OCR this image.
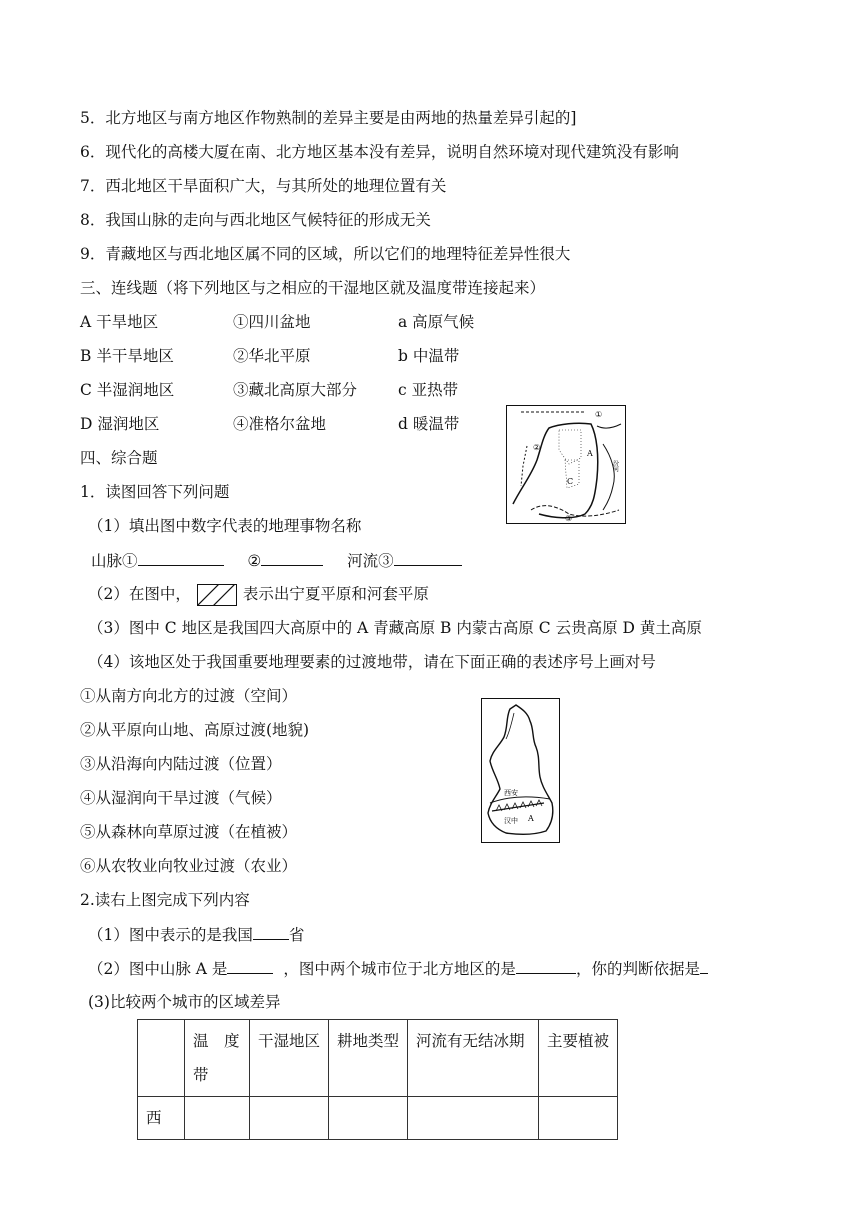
5．北方地区与南方地区作物熟制的差异主要是由两地的热量差异引起的]
6．现代化的高楼大厦在南、北方地区基本没有差异，说明自然环境对现代建筑没有影响
7．西北地区干旱面积广大，与其所处的地理位置有关
8．我国山脉的走向与西北地区气候特征的形成无关
9．青藏地区与西北地区属不同的区域，所以它们的地理特征差异性很大
三、连线题（将下列地区与之相应的干湿地区就及温度带连接起来）
A 干旱地区	①四川盆地	a 高原气候
B 半干旱地区	②华北平原	b 中温带
C 半湿润地区	③藏北高原大部分	c 亚热带
D 湿润地区	④准格尔盆地	d 暖温带
①
②
③
A
C
汾河
四、综合题
1．读图回答下列问题
（1）填出图中数字代表的地理事物名称
山脉①	②	河流③
（2）在图中，	表示出宁夏平原和河套平原
（3）图中 C 地区是我国四大高原中的 A 青藏高原 B 内蒙古高原 C 云贵高原 D 黄土高原
（4）该地区处于我国重要地理要素的过渡地带，请在下面正确的表述序号上画对号
①从南方向北方的过渡（空间）
②从平原向山地、高原过渡(地貌)
③从沿海向内陆过渡（位置）
④从湿润向干旱过渡（气候）
⑤从森林向草原过渡（在植被）
⑥从农牧业向牧业过渡（农业）
西安
汉中 A
2.读右上图完成下列内容
（1）图中表示的是我国 省
（2）图中山脉 A 是	，图中两个城市位于北方地区的是	，你的判断依据是
(3)比较两个城市的区域差异
	温　度带	干湿地区	耕地类型	河流有无结冰期	主要植被
西					
